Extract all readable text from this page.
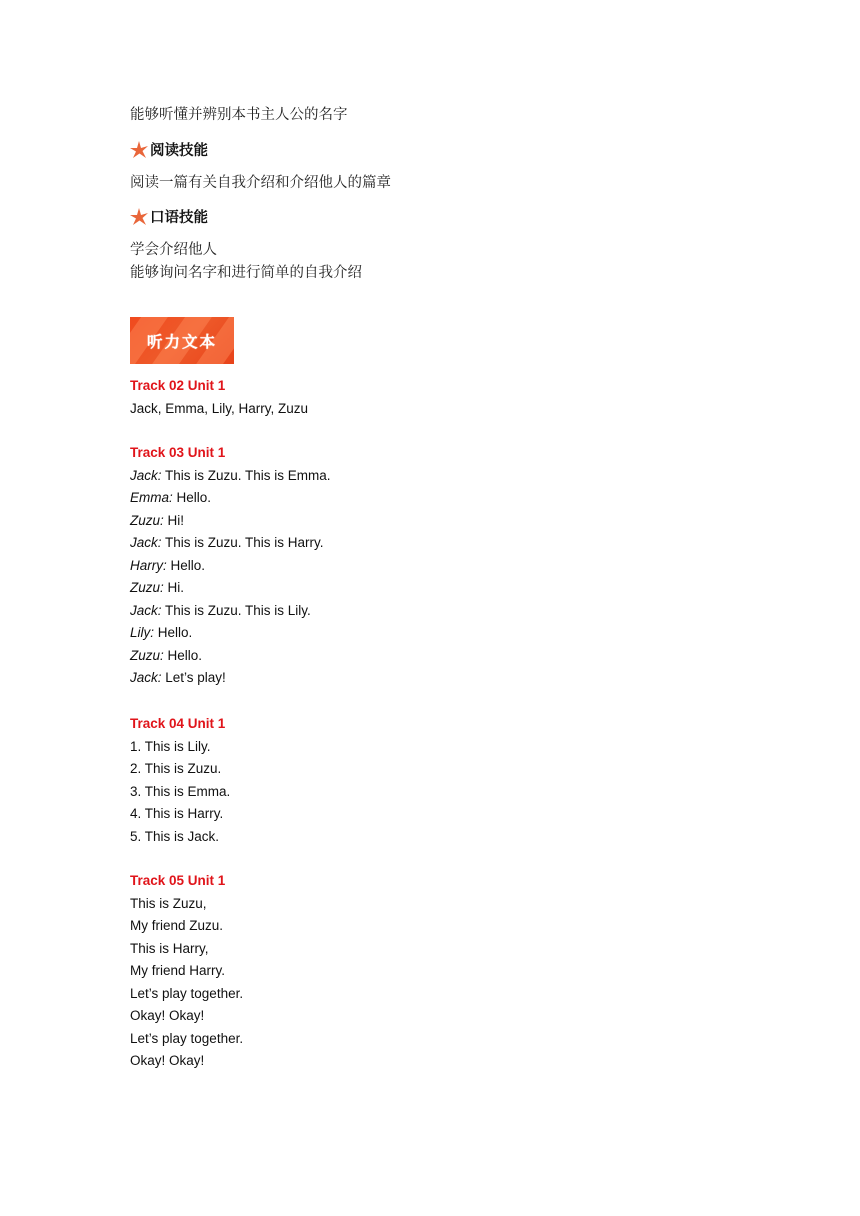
能够听懂并辨别本书主人公的名字
阅读技能
阅读一篇有关自我介绍和介绍他人的篇章
口语技能
学会介绍他人
能够询问名字和进行简单的自我介绍
听力文本
Track 02 Unit 1
Jack, Emma, Lily, Harry, Zuzu
Track 03 Unit 1
Jack: This is Zuzu. This is Emma.
Emma: Hello.
Zuzu: Hi!
Jack: This is Zuzu. This is Harry.
Harry: Hello.
Zuzu: Hi.
Jack: This is Zuzu. This is Lily.
Lily: Hello.
Zuzu: Hello.
Jack: Let’s play!
Track 04 Unit 1
1. This is Lily.
2. This is Zuzu.
3. This is Emma.
4. This is Harry.
5. This is Jack.
Track 05 Unit 1
This is Zuzu,
My friend Zuzu.
This is Harry,
My friend Harry.
Let’s play together.
Okay! Okay!
Let’s play together.
Okay! Okay!
